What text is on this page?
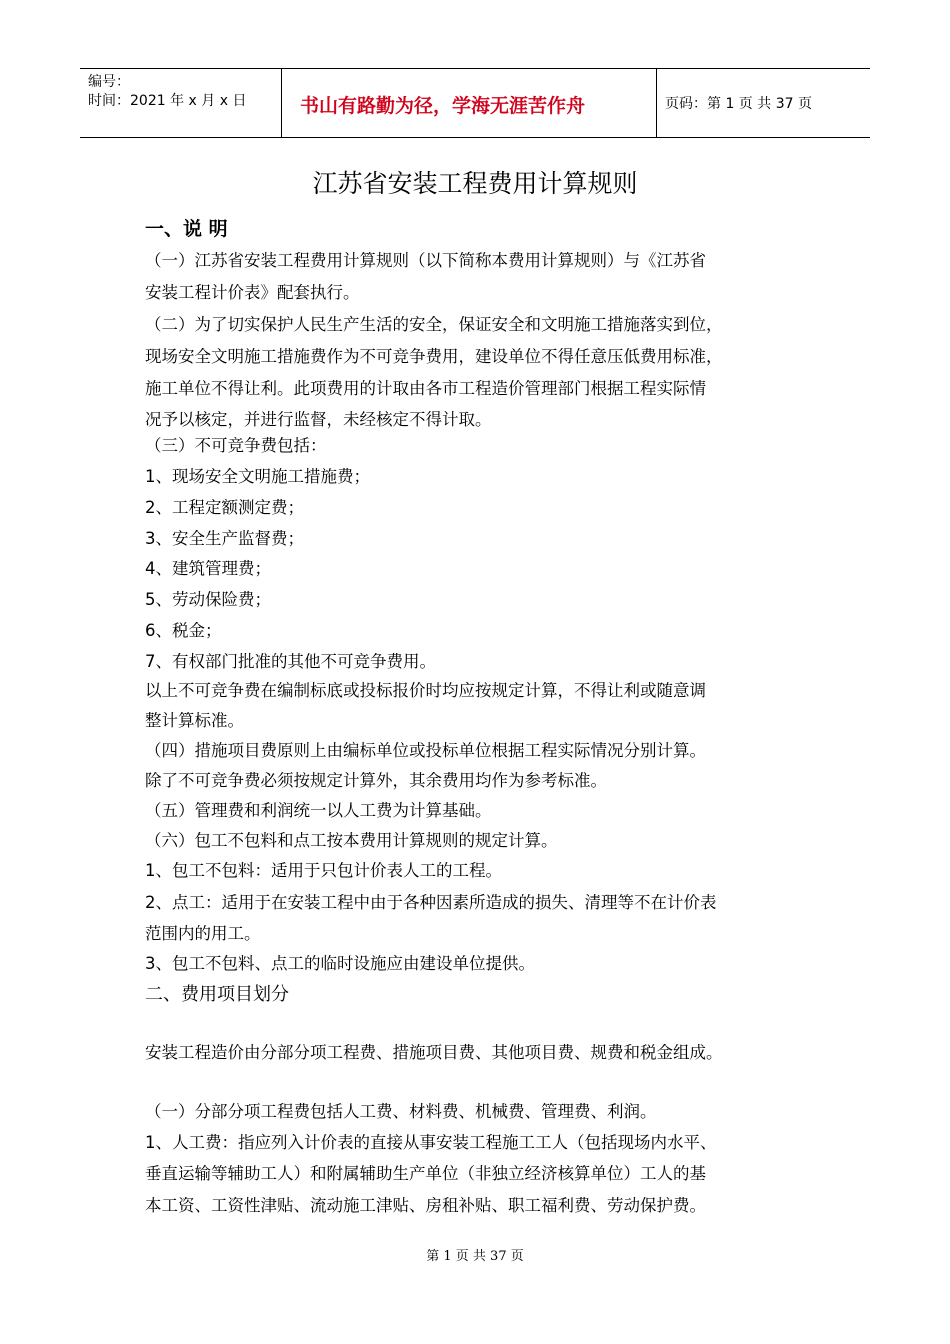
编号：
时间：2021 年 x 月 x 日	书山有路勤为径，学海无涯苦作舟	页码：第 1 页 共 37 页
江苏省安装工程费用计算规则
一、说 明
（一）江苏省安装工程费用计算规则（以下简称本费用计算规则）与《江苏省
安装工程计价表》配套执行。
（二）为了切实保护人民生产生活的安全，保证安全和文明施工措施落实到位，
现场安全文明施工措施费作为不可竞争费用，建设单位不得任意压低费用标准，
施工单位不得让利。此项费用的计取由各市工程造价管理部门根据工程实际情
况予以核定，并进行监督，未经核定不得计取。
（三）不可竞争费包括：
1、现场安全文明施工措施费；
2、工程定额测定费；
3、安全生产监督费；
4、建筑管理费；
5、劳动保险费；
6、税金；
7、有权部门批准的其他不可竞争费用。
以上不可竞争费在编制标底或投标报价时均应按规定计算，不得让利或随意调
整计算标准。
（四）措施项目费原则上由编标单位或投标单位根据工程实际情况分别计算。
除了不可竞争费必须按规定计算外，其余费用均作为参考标准。
（五）管理费和利润统一以人工费为计算基础。
（六）包工不包料和点工按本费用计算规则的规定计算。
1、包工不包料：适用于只包计价表人工的工程。
2、点工：适用于在安装工程中由于各种因素所造成的损失、清理等不在计价表
范围内的用工。
3、包工不包料、点工的临时设施应由建设单位提供。
二、费用项目划分
安装工程造价由分部分项工程费、措施项目费、其他项目费、规费和税金组成。
（一）分部分项工程费包括人工费、材料费、机械费、管理费、利润。
1、人工费：指应列入计价表的直接从事安装工程施工工人（包括现场内水平、
垂直运输等辅助工人）和附属辅助生产单位（非独立经济核算单位）工人的基
本工资、工资性津贴、流动施工津贴、房租补贴、职工福利费、劳动保护费。
第 1 页 共 37 页
